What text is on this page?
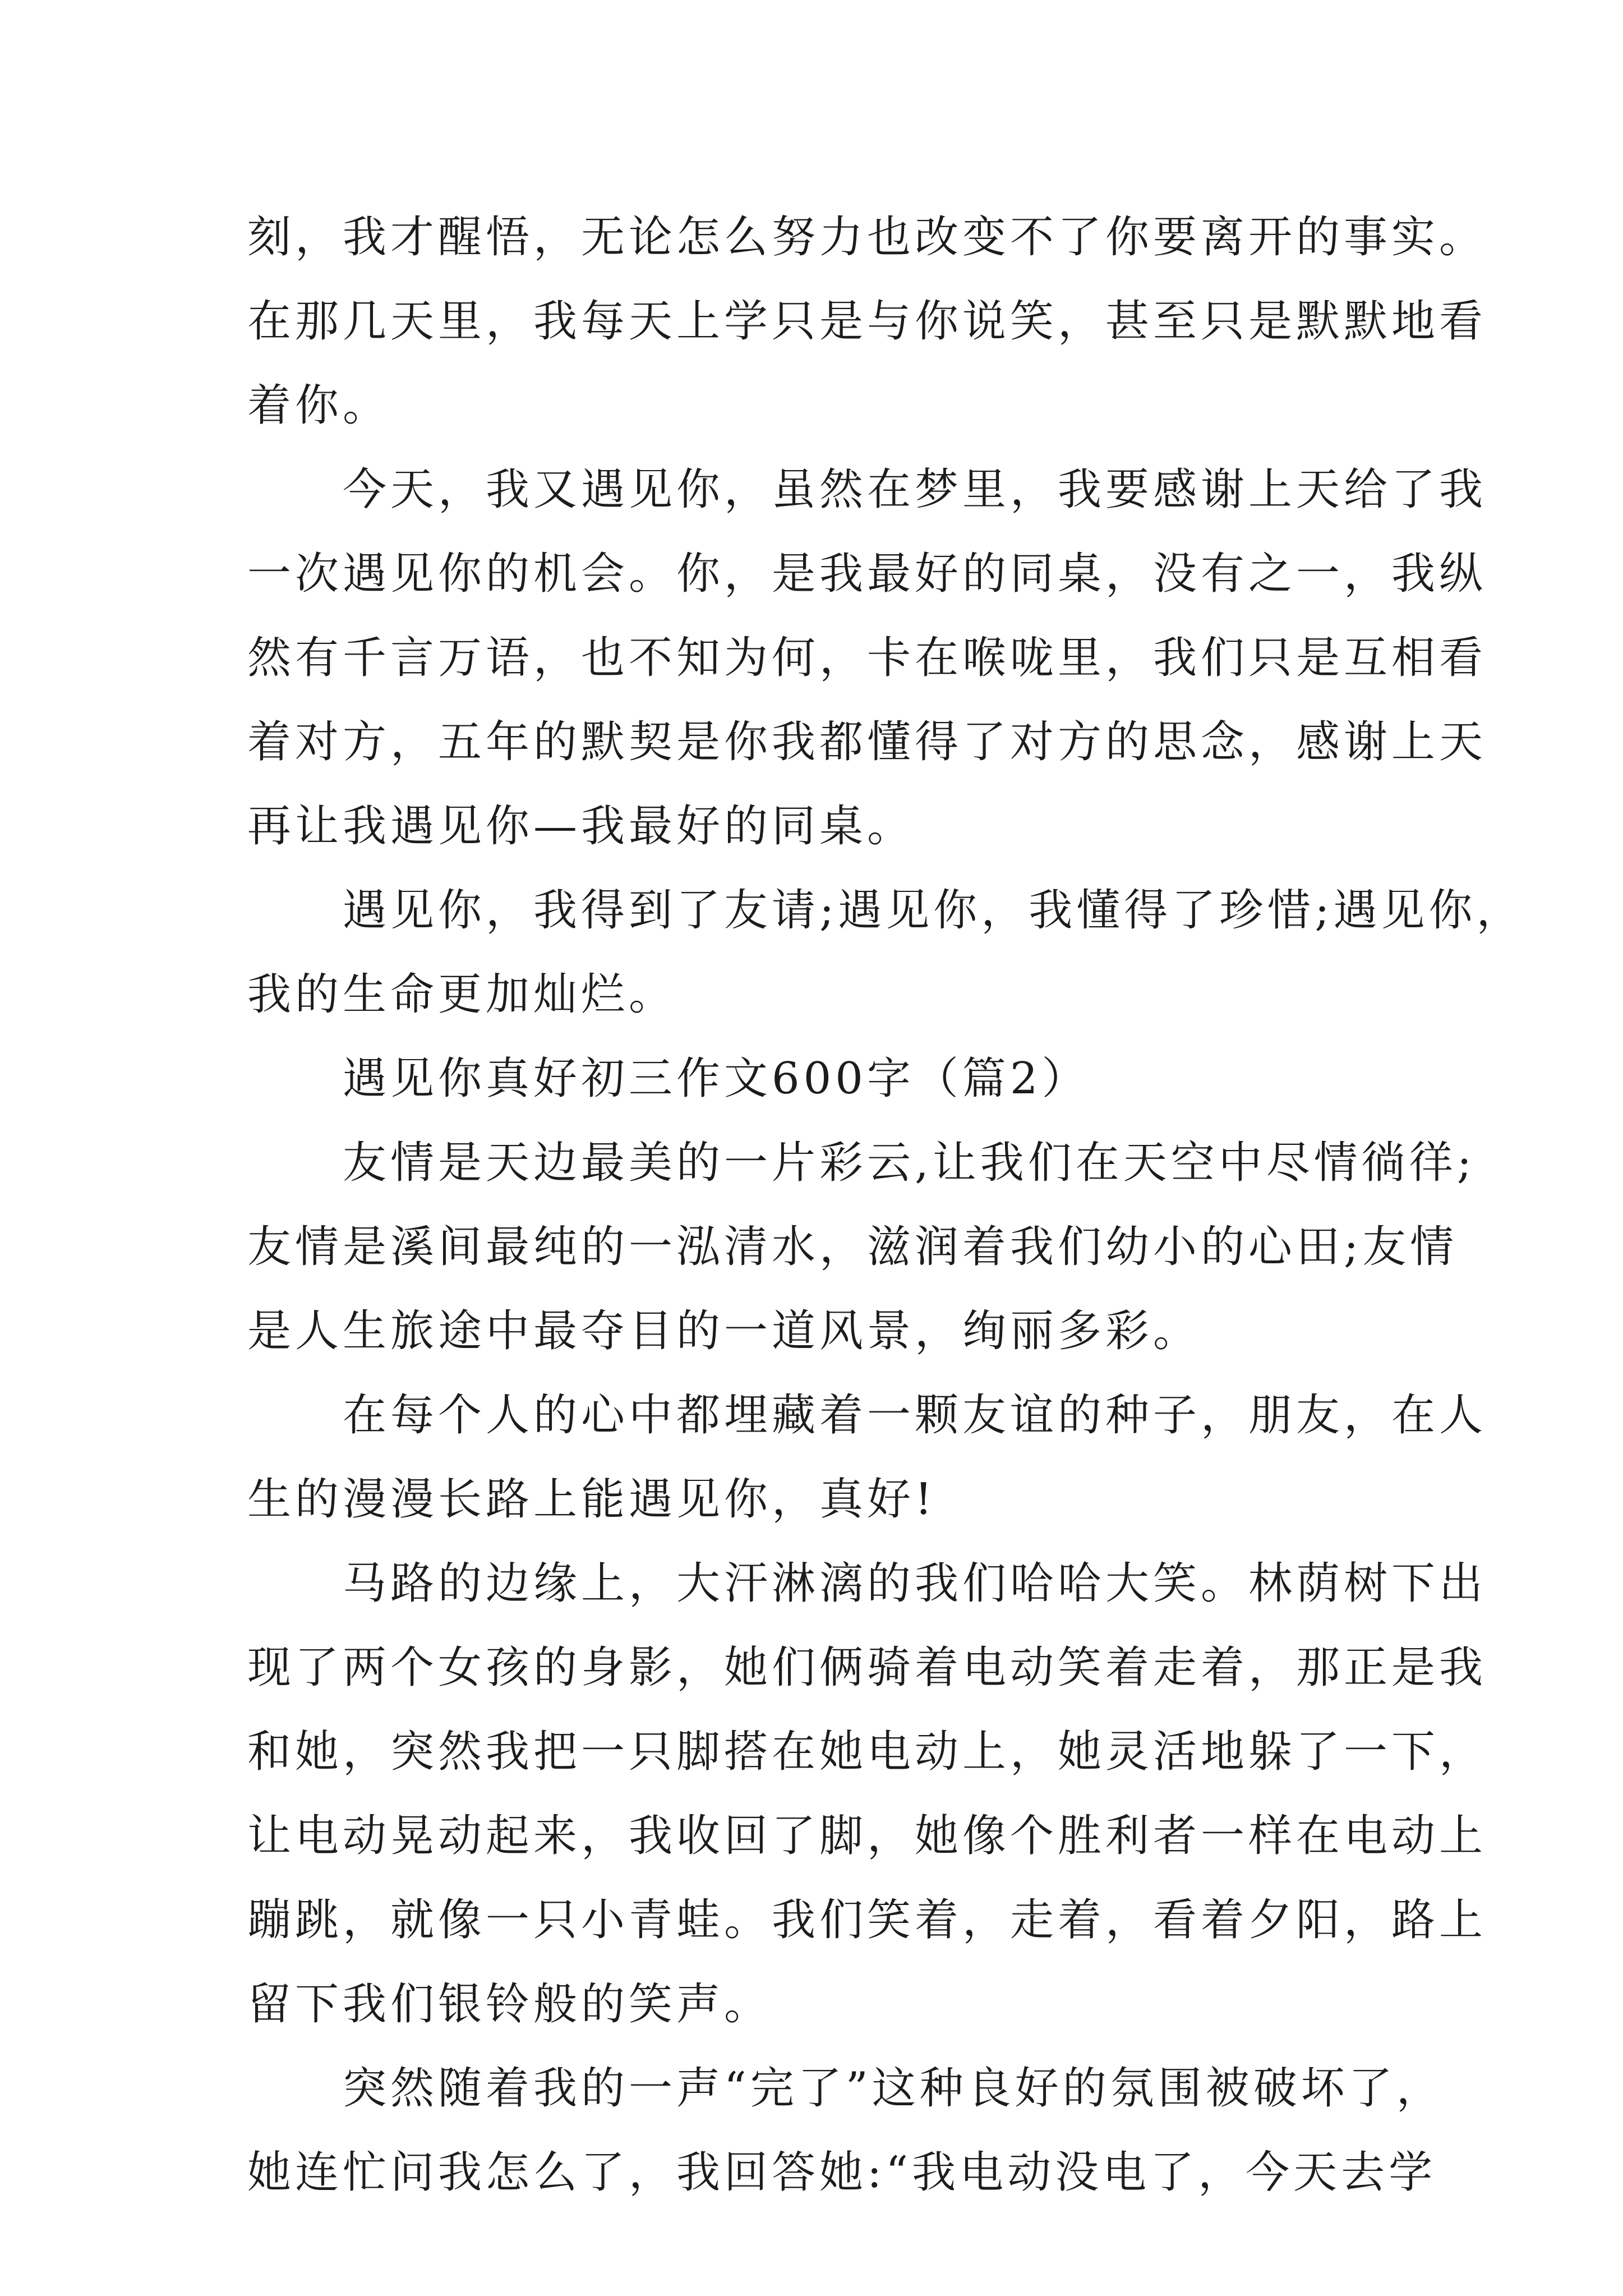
刻，我才醒悟，无论怎么努力也改变不了你要离开的事实。
在那几天里，我每天上学只是与你说笑，甚至只是默默地看
着你。
　　今天，我又遇见你，虽然在梦里，我要感谢上天给了我
一次遇见你的机会。你，是我最好的同桌，没有之一，我纵
然有千言万语，也不知为何，卡在喉咙里，我们只是互相看
着对方，五年的默契是你我都懂得了对方的思念，感谢上天
再让我遇见你—我最好的同桌。
　　遇见你，我得到了友请;遇见你，我懂得了珍惜;遇见你，
我的生命更加灿烂。
　　遇见你真好初三作文600字（篇2）
　　友情是天边最美的一片彩云,让我们在天空中尽情徜徉;
友情是溪间最纯的一泓清水，滋润着我们幼小的心田;友情
是人生旅途中最夺目的一道风景，绚丽多彩。
　　在每个人的心中都埋藏着一颗友谊的种子，朋友，在人
生的漫漫长路上能遇见你，真好!
　　马路的边缘上，大汗淋漓的我们哈哈大笑。林荫树下出
现了两个女孩的身影，她们俩骑着电动笑着走着，那正是我
和她，突然我把一只脚搭在她电动上，她灵活地躲了一下，
让电动晃动起来，我收回了脚，她像个胜利者一样在电动上
蹦跳，就像一只小青蛙。我们笑着，走着，看着夕阳，路上
留下我们银铃般的笑声。
　　突然随着我的一声“完了”这种良好的氛围被破坏了，
她连忙问我怎么了，我回答她:“我电动没电了，今天去学
